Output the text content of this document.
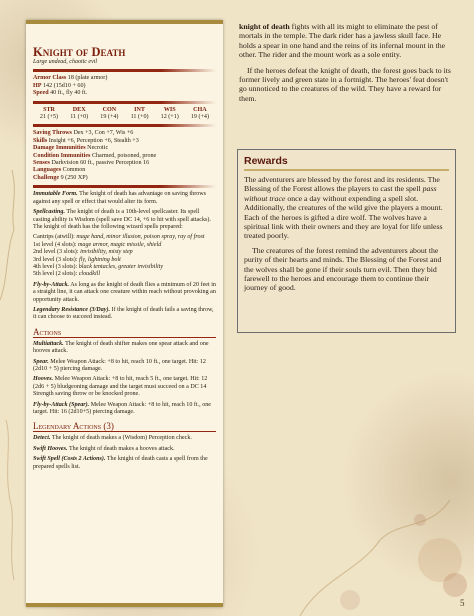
Knight of Death
Large undead, chaotic evil
Armor Class 18 (plate armor)
HP 142 (15d10 + 60)
Speed 40 ft., fly 40 ft.
STR	DEX	CON	INT	WIS	CHA
21 (+5)	11 (+0)	19 (+4)	11 (+0)	12 (+1)	19 (+4)
Saving Throws Dex +3, Con +7, Wis +6
Skills Insight +6, Perception +6, Stealth +3
Damage Immunities Necrotic
Condition Immunities Charmed, poisoned, prone
Senses Darkvision 60 ft., passive Perception 16
Languages Common
Challenge 9 (250 XP)

Immutable Form. The knight of death has advantage on saving throws against any spell or effect that would alter its form.

Spellcasting. The knight of death is a 10th-level spellcaster. Its spell casting ability is Wisdom (spell save DC 14, +6 to hit with spell attacks). The knight of death has the following wizard spells prepared:

Cantrips (atwill): mage hand, minor illusion, poison spray, ray of frost

1st level (4 slots): mage armor, magic missile, shield

2nd level (3 slots): invisibility, misty step

3rd level (3 slots): fly, lightning bolt

4th level (3 slots): black tentacles, greater invisibility

5th level (2 slots): cloudkill

Fly-by-Attack. As long as the knight of death flies a minimum of 20 feet in a straight line, it can attack one creature within reach without provoking an opportunity attack.

Legendary Resistance (3/Day). If the knight of death fails a saving throw, it can choose to succeed instead.

Actions

Multiattack. The knight of death shifter makes one spear attack and one hooves attack.

Spear. Melee Weapon Attack: +8 to hit, reach 10 ft., one target. Hit: 12 (2d10 + 5) piercing damage.

Hooves. Melee Weapon Attack: +8 to hit, reach 5 ft., one target. Hit: 12 (2d6 + 5) bludgeoning damage and the target must succeed on a DC 14 Strength saving throw or be knocked prone.

Fly-by-Attack (Spear). Melee Weapon Attack: +8 to hit, reach 10 ft., one target. Hit: 16 (2d10+5) piercing damage.

Legendary Actions (3)

Detect. The knight of death makes a (Wisdom) Perception check.

Swift Hooves. The knight of death makes a hooves attack.

Swift Spell (Costs 2 Actions). The knight of death casts a spell from the prepared spells list.

knight of death fights with all its might to eliminate the pest of mortals in the temple. The dark rider has a jawless skull face. He holds a spear in one hand and the reins of its infernal mount in the other. The rider and the mount work as a sole entity.

If the heroes defeat the knight of death, the forest goes back to its former lively and green state in a fortnight. The heroes' feat doesn't go unnoticed to the creatures of the wild. They have a reward for them.

Rewards

The adventurers are blessed by the forest and its residents. The Blessing of the Forest allows the players to cast the spell pass without trace once a day without expending a spell slot. Additionally, the creatures of the wild give the players a mount. Each of the heroes is gifted a dire wolf. The wolves have a spiritual link with their owners and they are loyal for life unless treated poorly.

The creatures of the forest remind the adventurers about the purity of their hearts and minds. The Blessing of the Forest and the wolves shall be gone if their souls turn evil. Then they bid farewell to the heroes and encourage them to continue their journey of good.

5
